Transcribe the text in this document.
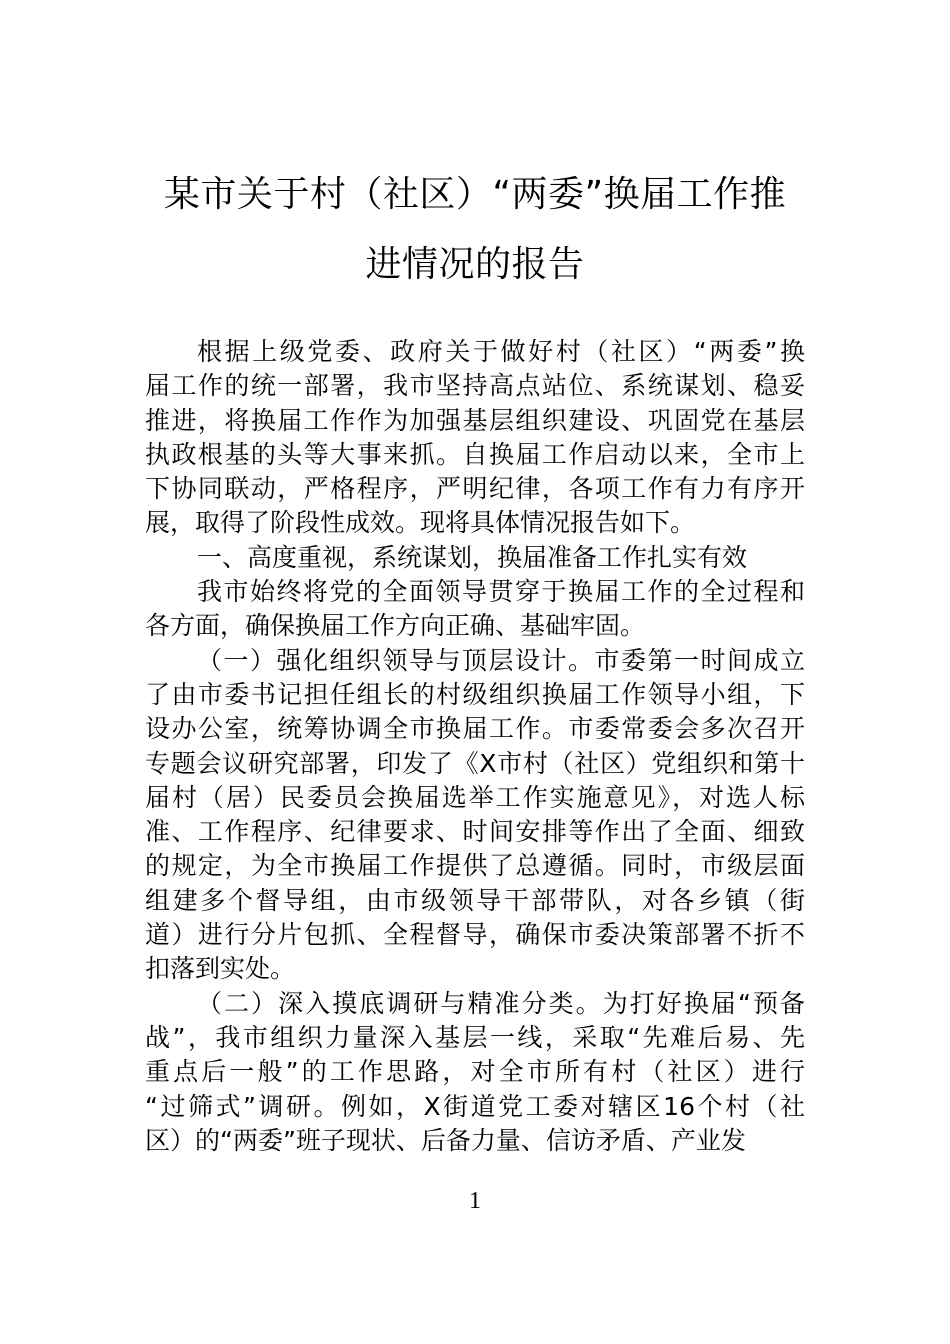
某市关于村（社区）“两委”换届工作推
进情况的报告
根据上级党委、政府关于做好村（社区）“两委”换
届工作的统一部署，我市坚持高点站位、系统谋划、稳妥
推进，将换届工作作为加强基层组织建设、巩固党在基层
执政根基的头等大事来抓。自换届工作启动以来，全市上
下协同联动，严格程序，严明纪律，各项工作有力有序开
展，取得了阶段性成效。现将具体情况报告如下。
一、高度重视，系统谋划，换届准备工作扎实有效
我市始终将党的全面领导贯穿于换届工作的全过程和
各方面，确保换届工作方向正确、基础牢固。
（一）强化组织领导与顶层设计。市委第一时间成立
了由市委书记担任组长的村级组织换届工作领导小组，下
设办公室，统筹协调全市换届工作。市委常委会多次召开
专题会议研究部署，印发了《X市村（社区）党组织和第十
届村（居）民委员会换届选举工作实施意见》，对选人标
准、工作程序、纪律要求、时间安排等作出了全面、细致
的规定，为全市换届工作提供了总遵循。同时，市级层面
组建多个督导组，由市级领导干部带队，对各乡镇（街
道）进行分片包抓、全程督导，确保市委决策部署不折不
扣落到实处。
（二）深入摸底调研与精准分类。为打好换届“预备
战”，我市组织力量深入基层一线，采取“先难后易、先
重点后一般”的工作思路，对全市所有村（社区）进行
“过筛式”调研。例如，X街道党工委对辖区16个村（社
区）的“两委”班子现状、后备力量、信访矛盾、产业发
1
